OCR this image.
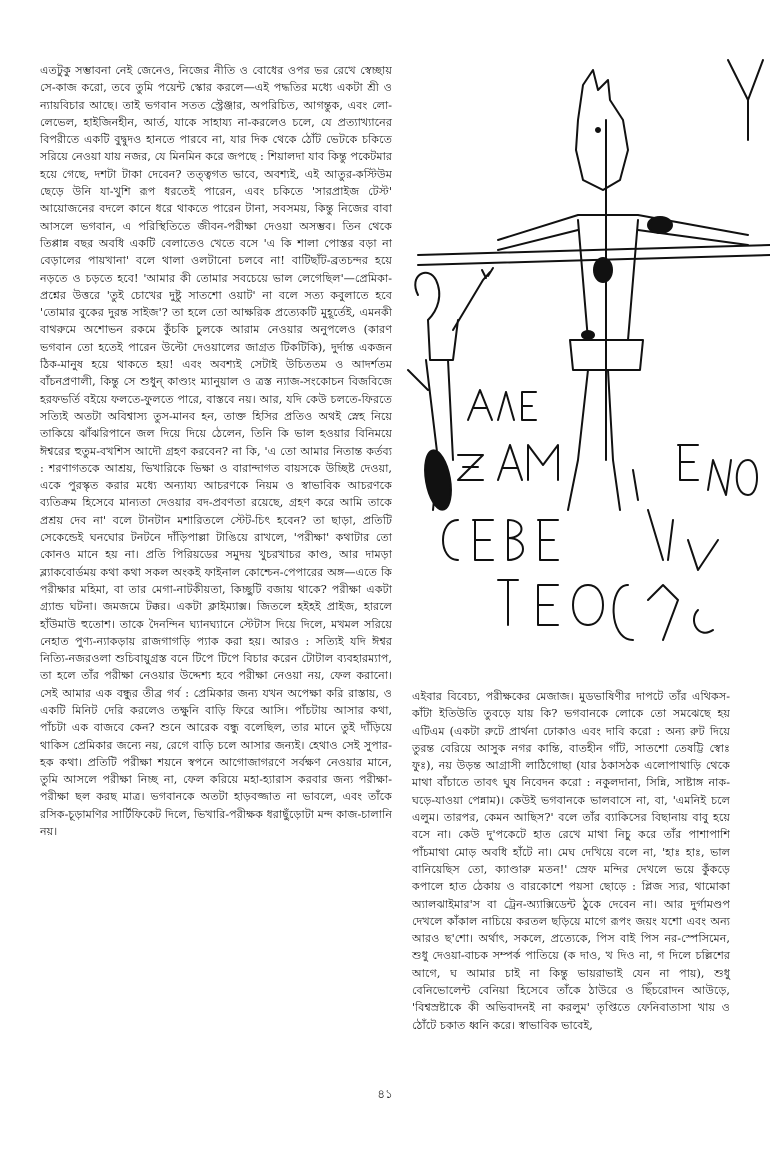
এতটুকু সম্ভাবনা নেই জেনেও, নিজের নীতি ও বোধের ওপর ভর রেখে স্বেচ্ছায় সে-কাজ করো, তবে তুমি পয়েন্ট স্কোর করলে—এই পদ্ধতির মধ্যে একটা শ্রী ও ন্যায়বিচার আছে। তাই ভগবান সতত স্ট্রেঞ্জার, অপরিচিত, আগন্তুক, এবং লো-লেভেল, হাইজিনহীন, আর্ত, যাকে সাহায্য না-করলেও চলে, যে প্রত্যাখ্যানের বিপরীতে একটি বুদ্বুদও হানতে পারবে না, যার দিক থেকে ঠোঁট ভেটকে চকিতে সরিয়ে নেওয়া যায় নজর, যে মিনমিন করে জপছে : শিয়ালদা যাব কিন্তু পকেটমার হয়ে গেছে, দশটা টাকা দেবেন? তত্ত্বগত ভাবে, অবশ্যই, এই আতুর-কস্টিউম ছেড়ে উনি যা-খুশি রূপ ধরতেই পারেন, এবং চকিতে 'সারপ্রাইজ টেস্ট' আয়োজনের বদলে কানে ধরে থাকতে পারেন টানা, সবসময়, কিন্তু নিজের বাবা আসলে ভগবান, এ পরিস্থিতিতে জীবন-পরীক্ষা দেওয়া অসম্ভব। তিন থেকে তিপ্পান্ন বছর অবধি একটি বেলাতেও খেতে বসে 'এ কি শালা পোস্তর বড়া না বেড়ালের পায়খানা' বলে থালা ওলটানো চলবে না! বাটিছাঁট-ব্রতচন্দর হয়ে নড়তে ও চড়তে হবে! 'আমার কী তোমার সবচেয়ে ভাল লেগেছিল'—প্রেমিকা-প্রশ্নের উত্তরে 'তুই চোখের দুষ্টু সাতশো ওয়াট' না বলে সত্য কবুলাতে হবে 'তোমার বুকের দুরন্ত সাইজ'? তা হলে তো আক্ষরিক প্রত্যেকটি মুহূর্তেই, এমনকী বাথরুমে অশোভন রকমে কুঁচকি চুলকে আরাম নেওয়ার অনুপলেও (কারণ ভগবান তো হতেই পারেন উল্টো দেওয়ালের জাগ্রত টিকটিকি), দুর্দান্ত একজন ঠিক-মানুষ হয়ে থাকতে হয়! এবং অবশ্যই সেটাই উচিততম ও আদর্শতম বাঁচনপ্রণালী, কিন্তু সে শুধুন্ কাণ্ড্যং ম্যানুয়াল ও ত্রস্ত ন্যাজ-সংকোচন বিজবিজে হরফভর্তি বইয়ে ফলতে-ফুলতে পারে, বাস্তবে নয়। আর, যদি কেউ চলতে-ফিরতে সত্যিই অতটা অবিশ্বাস্য তুস-মানব হন, তাক্ত হিসির প্রতিও অথই স্নেহ নিয়ে তাকিয়ে ঝাঁঝরিপানে জল দিয়ে দিয়ে ঠেলেন, তিনি কি ভাল হওয়ার বিনিময়ে ঈশ্বরের হুতুম-বখশিস আদৌ গ্রহণ করবেন? না কি, 'এ তো আমার নিতান্ত কর্তব্য : শরণাগতকে আশ্রয়, ভিখারিকে ভিক্ষা ও বারান্দাগত বায়সকে উচ্ছিষ্ট দেওয়া, একে পুরস্কৃত করার মধ্যে অন্যায্য আচরণকে নিয়ম ও স্বাভাবিক আচরণকে ব্যতিক্রম হিসেবে মান্যতা দেওয়ার বদ-প্রবণতা রয়েছে, গ্রহণ করে আমি তাকে প্রশ্রয় দেব না' বলে টানটান মশারিতলে স্টেট-চিৎ হবেন? তা ছাড়া, প্রতিটি সেকেন্ডেই ঘনঘোর টনটনে দাঁড়িপাল্লা টাঙিয়ে রাখলে, 'পরীক্ষা' কথাটার তো কোনও মানে হয় না। প্রতি পিরিয়ডের সমুদয় খুচরখাচর কাণ্ড, আর দামড়া ব্ল্যাকবোর্ডময় কথা কথা সকল অংকই ফাইনাল কোশ্চেন-পেপারের অঙ্গ—এতে কি পরীক্ষার মহিমা, বা তার মেগা-নাটকীয়তা, কিচ্ছুটি বজায় থাকে? পরীক্ষা একটা গ্র্যান্ড ঘটনা। জমজমে টক্কর। একটা ক্লাইম্যাক্স। জিতলে হইহই প্রাইজ, হারলে হাঁউমাউ হুতোশ। তাকে দৈনন্দিন ঘ্যানঘ্যানে স্টেটাস দিয়ে দিলে, মখমল সরিয়ে নেহাত পুণ্য-ন্যাকড়ায় রাজগাগড়ি প্যাক করা হয়। আরও : সত্যিই যদি ঈশ্বর নিত্যি-নজরওলা শুচিবায়ুগ্রস্ত বনে টিপে টিপে বিচার করেন টোটাল ব্যবহারম্যাপ, তা হলে তাঁর পরীক্ষা নেওয়ার উদ্দেশ্য হবে পরীক্ষা নেওয়া নয়, ফেল করানো। সেই আমার এক বন্ধুর তীব্র গর্ব : প্রেমিকার জন্য যখন অপেক্ষা করি রাস্তায়, ও একটি মিনিট দেরি করলেও তক্ষুনি বাড়ি ফিরে আসি। পাঁচটায় আসার কথা, পাঁচটা এক বাজবে কেন? শুনে আরেক বন্ধু বলেছিল, তার মানে তুই দাঁড়িয়ে থাকিস প্রেমিকার জন্যে নয়, রেগে বাড়ি চলে আসার জন্যই। হেথাও সেই সুপার-হক কথা। প্রতিটি পরীক্ষা শয়নে স্বপনে আগোজাগরণে সর্বক্ষণ নেওয়ার মানে, তুমি আসলে পরীক্ষা নিচ্ছ না, ফেল করিয়ে মহা-হ্যারাস করবার জন্য পরীক্ষা-পরীক্ষা ছল করছ মাত্র। ভগবানকে অতটা হাড়বজ্জাত না ভাবলে, এবং তাঁকে রসিক-চূড়ামণির সার্টিফিকেট দিলে, ভিখারি-পরীক্ষক ধরাছুঁড়োটা মন্দ কাজ-চালানি নয়।

এইবার বিবেচ্য, পরীক্ষকের মেজাজ। মুডভাষিণীর দাপটে তাঁর এথিকস-কাঁটা ইতিউতি তুবড়ে যায় কি? ভগবানকে লোকে তো সমঝেছে হয় এটিএম (একটা রুটে প্রার্থনা ঢোকাও এবং দাবি করো : অন্য রুট দিয়ে তুরন্ত বেরিয়ে আসুক নগর কান্তি, বাতহীন গাঁট, সাতশো তেষট্টি স্বোঃ ফুঃ), নয় উড়ন্ত আগ্রাসী লাঠিগোছা (যার ঠকাসঠক এলোপাথাড়ি থেকে মাথা বাঁচাতে তাবৎ ঘুষ নিবেদন করো : নকুলদানা, সিন্নি, সাষ্টাঙ্গ নাক-ঘড়ে-যাওয়া পেন্নাম)। কেউই ভগবানকে ভালবাসে না, বা, 'এমনিই চলে এলুম। তারপর, কেমন আছিস?' বলে তাঁর ব্যাকিসের বিছানায় বাবু হয়ে বসে না। কেউ দু'পকেটে হাত রেখে মাথা নিচু করে তাঁর পাশাপাশি পাঁচমাথা মোড় অবধি হাঁটে না। মেঘ দেখিয়ে বলে না, 'হাঃ হাঃ, ভাল বানিয়েছিস তো, ক্যাণ্ডারু মতন!' স্রেফ মন্দির দেখলে ভয়ে কুঁকড়ে কপালে হাত ঠেকায় ও বারকোশে পয়সা ছোড়ে : প্লিজ স্যর, থামোকা অ্যালঝাইমার'স বা ট্রেন-অ্যাক্সিডেন্ট ঠুকে দেবেন না। আর দুর্গামণ্ডপ দেখলে কাঁকাল নাচিয়ে করতল ছড়িয়ে মাগে রূপং জয়ং যশো এবং অন্য আরও ছ'শো। অর্থাৎ, সকলে, প্রত্যেকে, পিস বাই পিস নর-স্পেসিমেন, শুধু দেওয়া-বাচক সম্পর্ক পাতিয়ে (ক দাও, খ দিও না, গ দিলে চল্লিশের আগে, ঘ আমার চাই না কিন্তু ভায়রাভাই যেন না পায়), শুধু বেনিভোলেন্ট বেনিয়া হিসেবে তাঁকে ঠাউরে ও ছিঁচরোদন আউড়ে, 'বিশ্বস্রষ্টাকে কী অভিবাদনই না করলুম' তৃপ্তিতে ফেনিবাতাসা খায় ও ঠোঁটে চকাত ধ্বনি করে। স্বাভাবিক ভাবেই,

৪১
